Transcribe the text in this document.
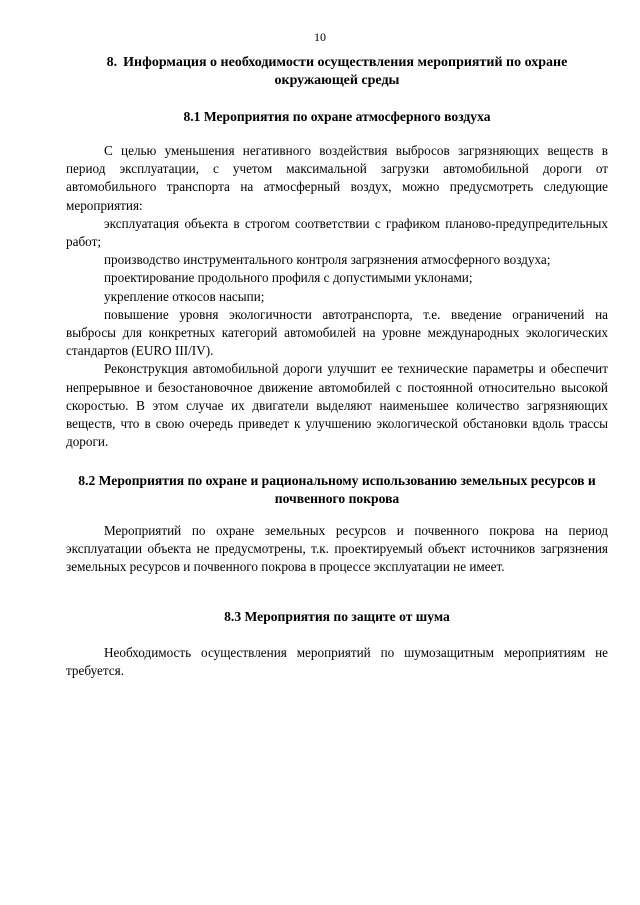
10
8. Информация о необходимости осуществления мероприятий по охране окружающей среды
8.1 Мероприятия по охране атмосферного воздуха

С целью уменьшения негативного воздействия выбросов загрязняющих веществ в период эксплуатации, с учетом максимальной загрузки автомобильной дороги от автомобильного транспорта на атмосферный воздух, можно предусмотреть следующие мероприятия:

эксплуатация объекта в строгом соответствии с графиком планово-предупредительных работ;

производство инструментального контроля загрязнения атмосферного воздуха;

проектирование продольного профиля с допустимыми уклонами;

укрепление откосов насыпи;

повышение уровня экологичности автотранспорта, т.е. введение ограничений на выбросы для конкретных категорий автомобилей на уровне международных экологических стандартов (EURO III/IV).

Реконструкция автомобильной дороги улучшит ее технические параметры и обеспечит непрерывное и безостановочное движение автомобилей с постоянной относительно высокой скоростью. В этом случае их двигатели выделяют наименьшее количество загрязняющих веществ, что в свою очередь приведет к улучшению экологической обстановки вдоль трассы дороги.

8.2 Мероприятия по охране и рациональному использованию земельных ресурсов и почвенного покрова

Мероприятий по охране земельных ресурсов и почвенного покрова на период эксплуатации объекта не предусмотрены, т.к. проектируемый объект источников загрязнения земельных ресурсов и почвенного покрова в процессе эксплуатации не имеет.

8.3 Мероприятия по защите от шума

Необходимость осуществления мероприятий по шумозащитным мероприятиям не требуется.
